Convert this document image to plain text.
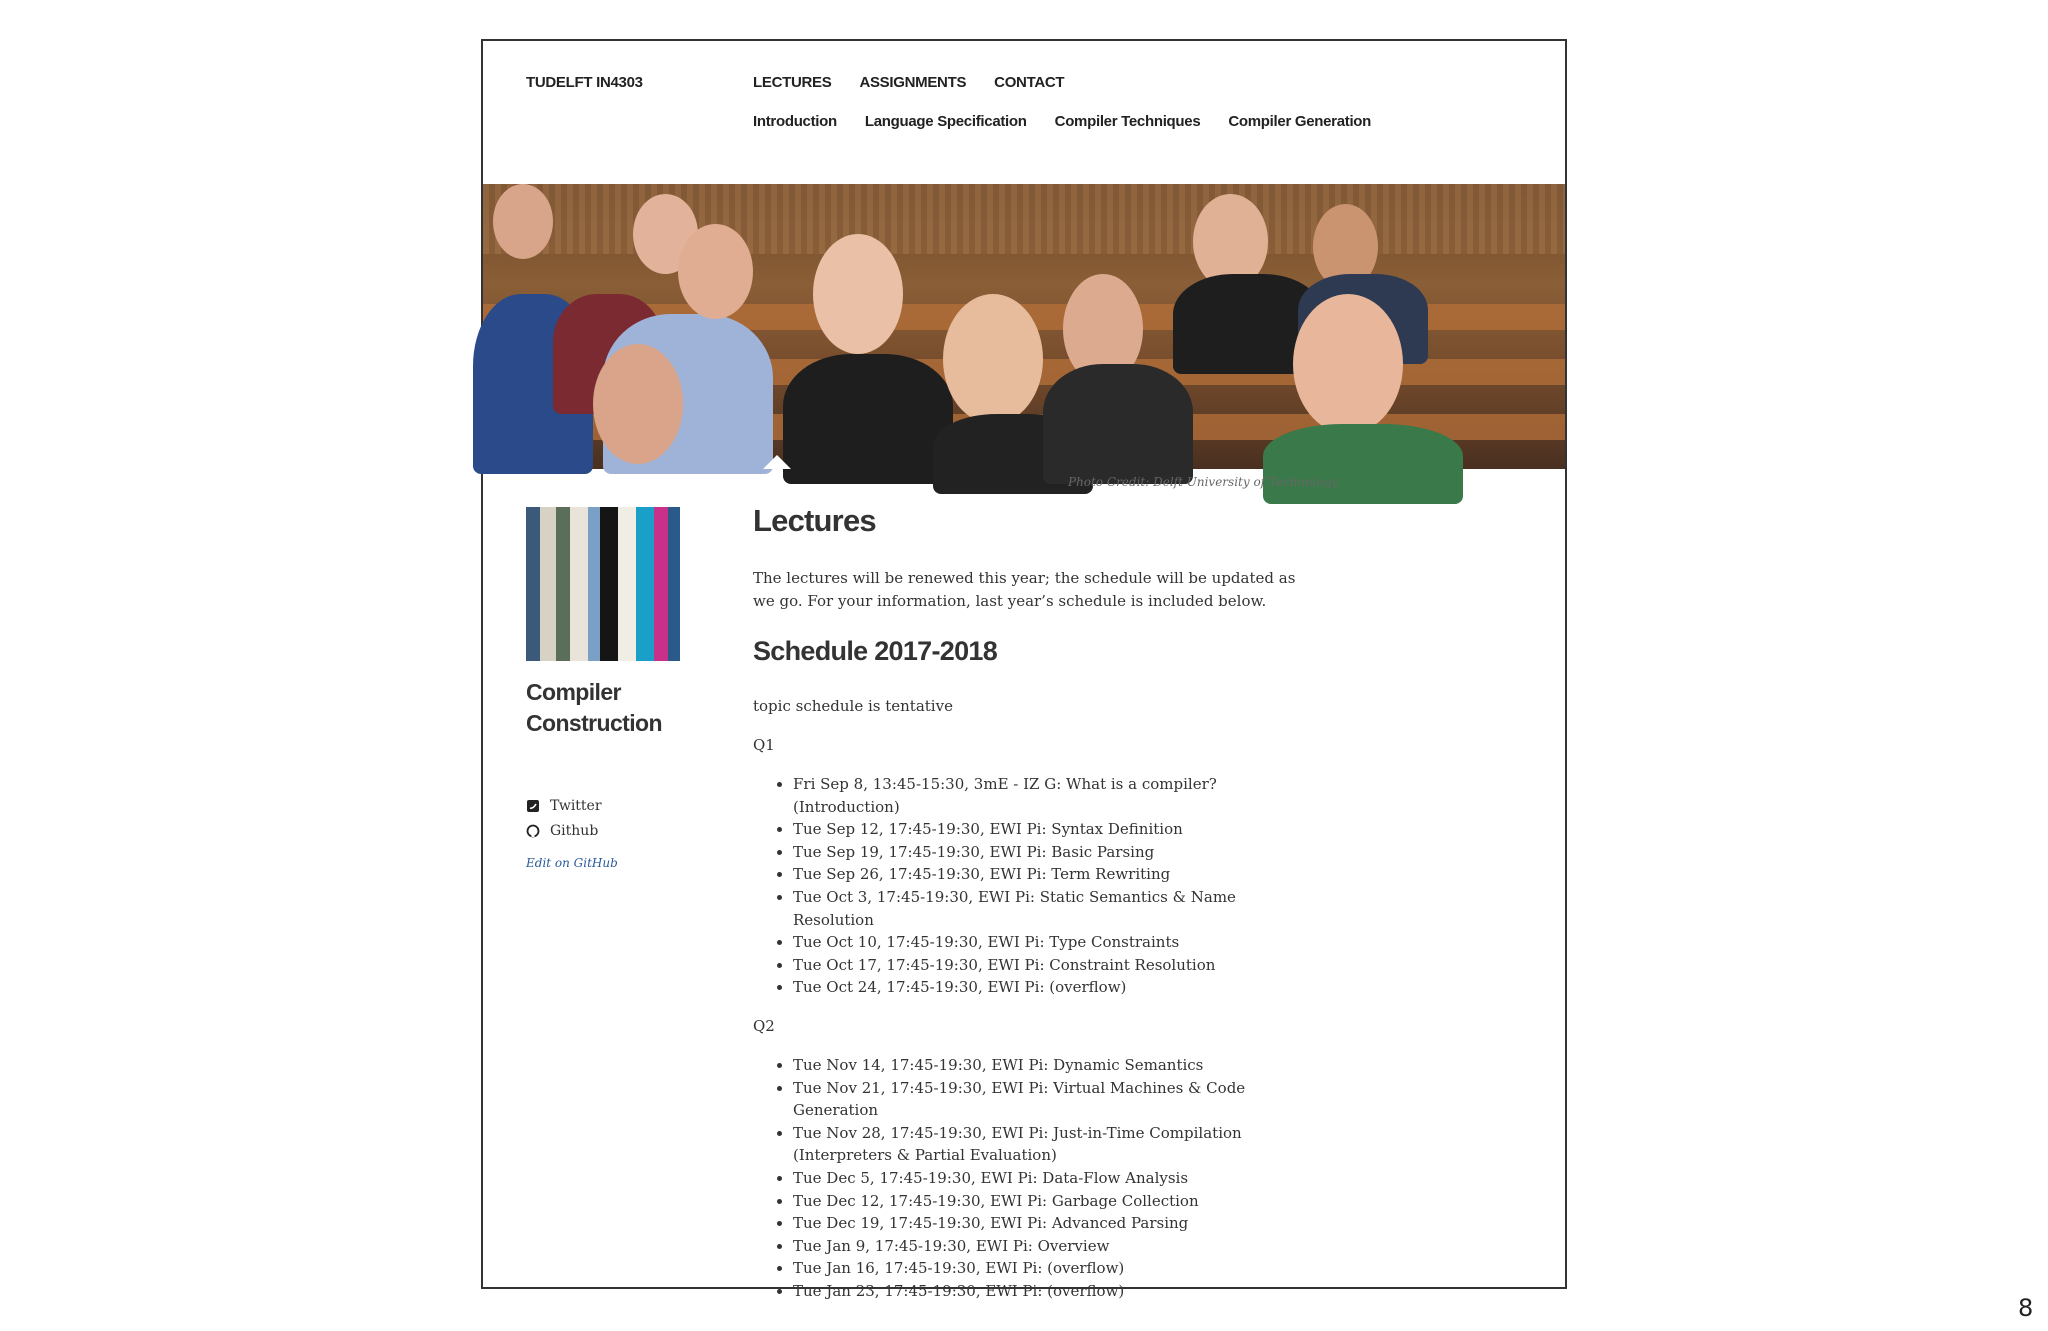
TUDELFT IN4303	LECTURES ASSIGNMENTS CONTACT
Introduction Language Specification Compiler Techniques Compiler Generation
Photo Credit: Delft University of Technology
Compiler Construction
Twitter
Github
Edit on GitHub
Lectures

The lectures will be renewed this year; the schedule will be updated as we go. For your information, last year’s schedule is included below.

Schedule 2017-2018

topic schedule is tentative

Q1

• Fri Sep 8, 13:45-15:30, 3mE - IZ G: What is a compiler? (Introduction)
• Tue Sep 12, 17:45-19:30, EWI Pi: Syntax Definition
• Tue Sep 19, 17:45-19:30, EWI Pi: Basic Parsing
• Tue Sep 26, 17:45-19:30, EWI Pi: Term Rewriting
• Tue Oct 3, 17:45-19:30, EWI Pi: Static Semantics & Name Resolution
• Tue Oct 10, 17:45-19:30, EWI Pi: Type Constraints
• Tue Oct 17, 17:45-19:30, EWI Pi: Constraint Resolution
• Tue Oct 24, 17:45-19:30, EWI Pi: (overflow)

Q2

• Tue Nov 14, 17:45-19:30, EWI Pi: Dynamic Semantics
• Tue Nov 21, 17:45-19:30, EWI Pi: Virtual Machines & Code Generation
• Tue Nov 28, 17:45-19:30, EWI Pi: Just-in-Time Compilation (Interpreters & Partial Evaluation)
• Tue Dec 5, 17:45-19:30, EWI Pi: Data-Flow Analysis
• Tue Dec 12, 17:45-19:30, EWI Pi: Garbage Collection
• Tue Dec 19, 17:45-19:30, EWI Pi: Advanced Parsing
• Tue Jan 9, 17:45-19:30, EWI Pi: Overview
• Tue Jan 16, 17:45-19:30, EWI Pi: (overflow)
• Tue Jan 23, 17:45-19:30, EWI Pi: (overflow)
8
